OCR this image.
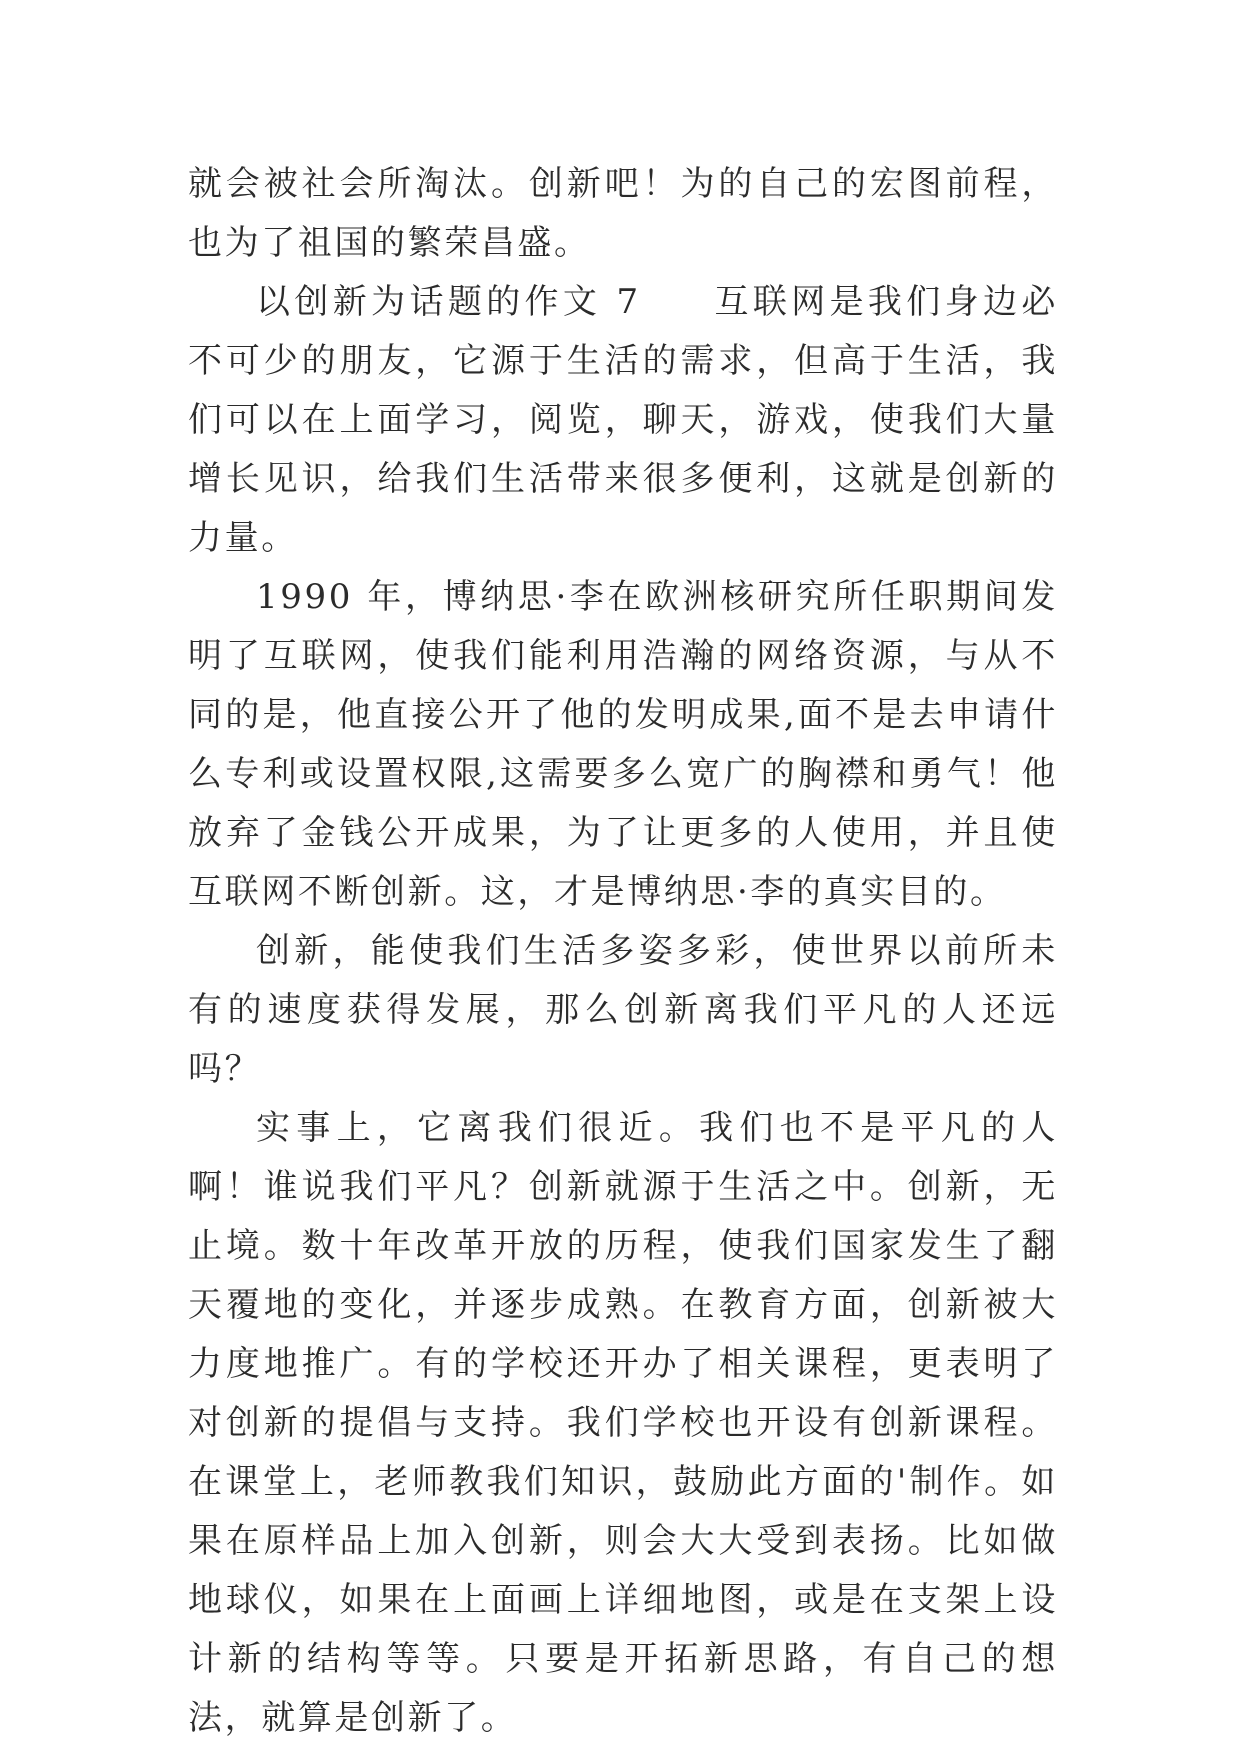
就会被社会所淘汰。创新吧！为的自己的宏图前程，也为了祖国的繁荣昌盛。

以创新为话题的作文 7 互联网是我们身边必不可少的朋友，它源于生活的需求，但高于生活，我们可以在上面学习，阅览，聊天，游戏，使我们大量增长见识，给我们生活带来很多便利，这就是创新的力量。

1990 年，博纳思·李在欧洲核研究所任职期间发明了互联网，使我们能利用浩瀚的网络资源，与从不同的是，他直接公开了他的发明成果,面不是去申请什么专利或设置权限,这需要多么宽广的胸襟和勇气！他放弃了金钱公开成果，为了让更多的人使用，并且使互联网不断创新。这，才是博纳思·李的真实目的。

创新，能使我们生活多姿多彩，使世界以前所未有的速度获得发展，那么创新离我们平凡的人还远吗？

实事上，它离我们很近。我们也不是平凡的人啊！谁说我们平凡？创新就源于生活之中。创新，无止境。数十年改革开放的历程，使我们国家发生了翻天覆地的变化，并逐步成熟。在教育方面，创新被大力度地推广。有的学校还开办了相关课程，更表明了对创新的提倡与支持。我们学校也开设有创新课程。在课堂上，老师教我们知识，鼓励此方面的'制作。如果在原样品上加入创新，则会大大受到表扬。比如做地球仪，如果在上面画上详细地图，或是在支架上设计新的结构等等。只要是开拓新思路，有自己的想法，就算是创新了。
